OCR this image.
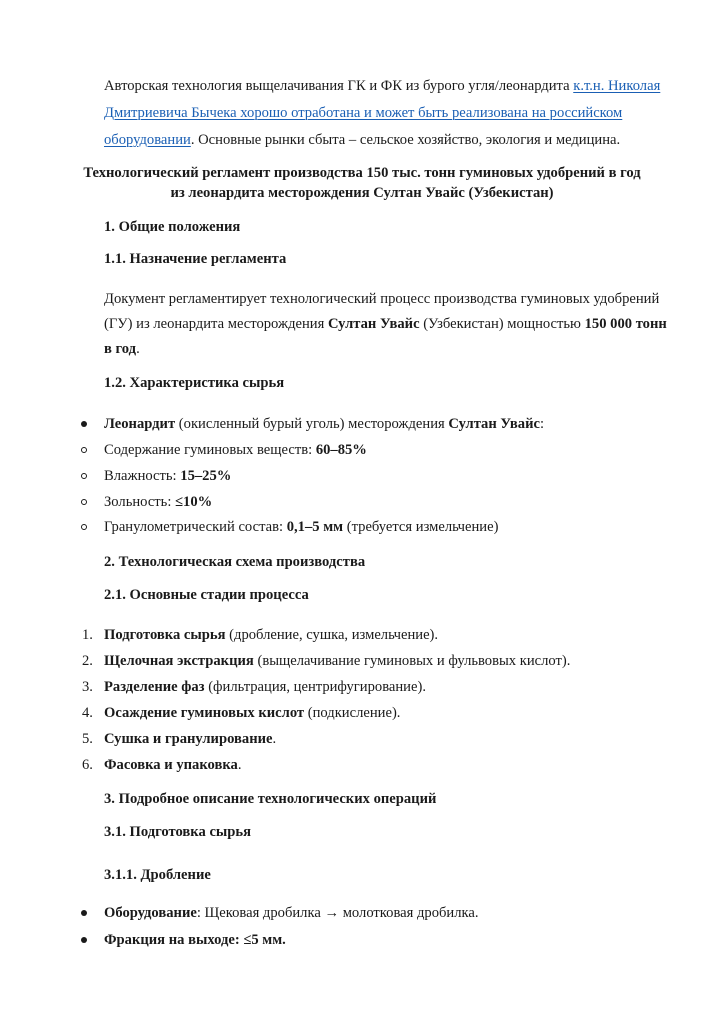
Авторская технология выщелачивания ГК и ФК из бурого угля/леонардита к.т.н. Николая
Дмитриевича Бычека хорошо отработана и может быть реализована на российском
оборудовании. Основные рынки сбыта – сельское хозяйство, экология и медицина.
Технологический регламент производства 150 тыс. тонн гуминовых удобрений в год
из леонардита месторождения Султан Увайс (Узбекистан)
1. Общие положения
1.1. Назначение регламента
Документ регламентирует технологический процесс производства гуминовых удобрений
(ГУ) из леонардита месторождения Султан Увайс (Узбекистан) мощностью 150 000 тонн
в год.
1.2. Характеристика сырья
Леонардит (окисленный бурый уголь) месторождения Султан Увайс:
Содержание гуминовых веществ: 60–85%
Влажность: 15–25%
Зольность: ≤10%
Гранулометрический состав: 0,1–5 мм (требуется измельчение)
2. Технологическая схема производства
2.1. Основные стадии процесса
1. Подготовка сырья (дробление, сушка, измельчение).
2. Щелочная экстракция (выщелачивание гуминовых и фульвовых кислот).
3. Разделение фаз (фильтрация, центрифугирование).
4. Осаждение гуминовых кислот (подкисление).
5. Сушка и гранулирование.
6. Фасовка и упаковка.
3. Подробное описание технологических операций
3.1. Подготовка сырья
3.1.1. Дробление
Оборудование: Щековая дробилка → молотковая дробилка.
Фракция на выходе: ≤5 мм.
